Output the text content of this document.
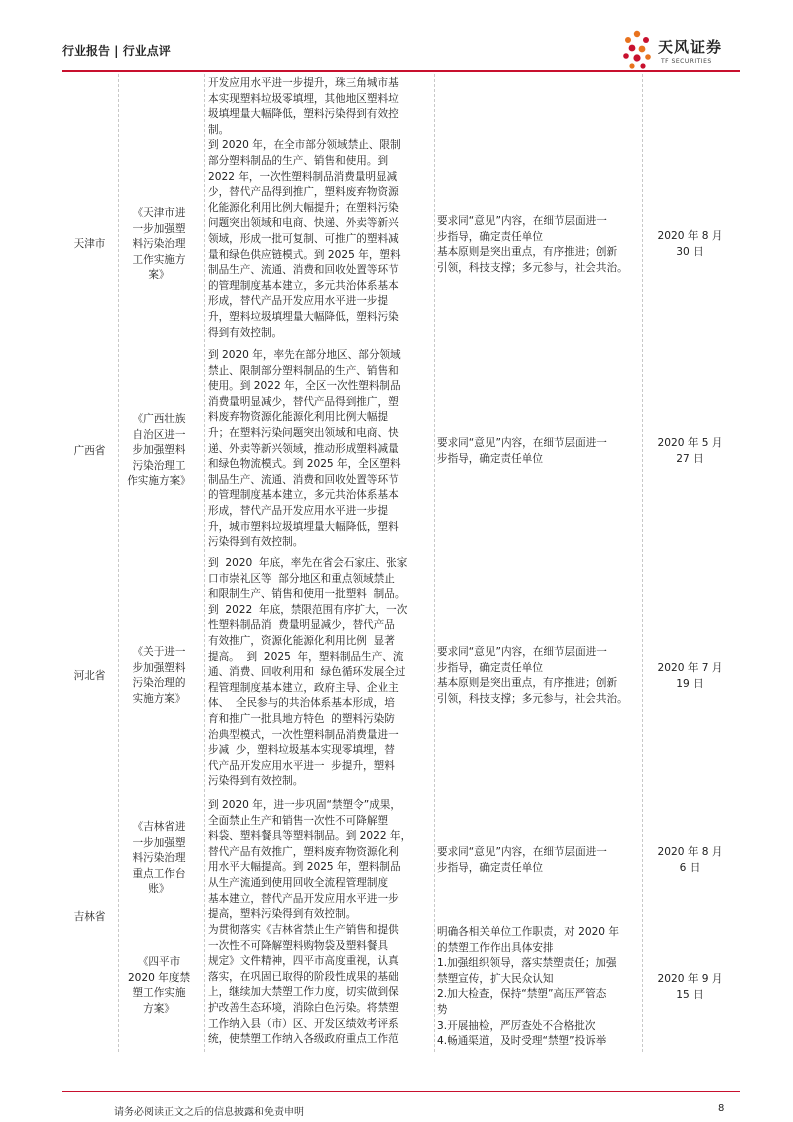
行业报告 | 行业点评	天风证券
TF SECURITIES
天津市
《天津市进
一步加强塑
料污染治理
工作实施方
案》
开发应用水平进一步提升，珠三角城市基
本实现塑料垃圾零填埋，其他地区塑料垃
圾填埋量大幅降低，塑料污染得到有效控
制。
到 2020 年，在全市部分领域禁止、限制
部分塑料制品的生产、销售和使用。到
2022 年，一次性塑料制品消费量明显减
少，替代产品得到推广，塑料废弃物资源
化能源化利用比例大幅提升；在塑料污染
问题突出领域和电商、快递、外卖等新兴
领域，形成一批可复制、可推广的塑料减
量和绿色供应链模式。到 2025 年，塑料
制品生产、流通、消费和回收处置等环节
的管理制度基本建立，多元共治体系基本
形成，替代产品开发应用水平进一步提
升，塑料垃圾填埋量大幅降低，塑料污染
得到有效控制。
要求同“意见”内容，在细节层面进一
步指导，确定责任单位
基本原则是突出重点，有序推进；创新
引领，科技支撑；多元参与，社会共治。
2020 年 8 月
30 日
广西省
《广西壮族
自治区进一
步加强塑料
污染治理工
作实施方案》
到 2020 年，率先在部分地区、部分领域
禁止、限制部分塑料制品的生产、销售和
使用。到 2022 年，全区一次性塑料制品
消费量明显减少，替代产品得到推广，塑
料废弃物资源化能源化利用比例大幅提
升；在塑料污染问题突出领域和电商、快
递、外卖等新兴领域，推动形成塑料减量
和绿色物流模式。到 2025 年，全区塑料
制品生产、流通、消费和回收处置等环节
的管理制度基本建立，多元共治体系基本
形成，替代产品开发应用水平进一步提
升，城市塑料垃圾填埋量大幅降低，塑料
污染得到有效控制。
要求同“意见”内容，在细节层面进一
步指导，确定责任单位
2020 年 5 月
27 日
河北省
《关于进一
步加强塑料
污染治理的
实施方案》
到  2020  年底，率先在省会石家庄、张家
口市崇礼区等  部分地区和重点领域禁止
和限制生产、销售和使用一批塑料  制品。
到  2022  年底，禁限范围有序扩大，一次
性塑料制品消  费量明显减少，替代产品
有效推广，资源化能源化利用比例  显著
提高。  到  2025  年，塑料制品生产、流
通、消费、回收利用和  绿色循环发展全过
程管理制度基本建立，政府主导、企业主
体、  全民参与的共治体系基本形成，培
育和推广一批具地方特色  的塑料污染防
治典型模式，一次性塑料制品消费量进一
步减  少，塑料垃圾基本实现零填埋，替
代产品开发应用水平进一  步提升，塑料
污染得到有效控制。
要求同“意见”内容，在细节层面进一
步指导，确定责任单位
基本原则是突出重点，有序推进；创新
引领，科技支撑；多元参与，社会共治。
2020 年 7 月
19 日
吉林省
《吉林省进
一步加强塑
料污染治理
重点工作台
账》
到 2020 年，进一步巩固“禁塑令”成果，
全面禁止生产和销售一次性不可降解塑
料袋、塑料餐具等塑料制品。到 2022 年，
替代产品有效推广，塑料废弃物资源化利
用水平大幅提高。到 2025 年，塑料制品
从生产流通到使用回收全流程管理制度
基本建立，替代产品开发应用水平进一步
提高，塑料污染得到有效控制。
要求同“意见”内容，在细节层面进一
步指导，确定责任单位
2020 年 8 月
6 日
《四平市
2020 年度禁
塑工作实施
方案》
为贯彻落实《吉林省禁止生产销售和提供
一次性不可降解塑料购物袋及塑料餐具
规定》文件精神，四平市高度重视，认真
落实，在巩固已取得的阶段性成果的基础
上，继续加大禁塑工作力度，切实做到保
护改善生态环境，消除白色污染。将禁塑
工作纳入县（市）区、开发区绩效考评系
统，使禁塑工作纳入各级政府重点工作范
明确各相关单位工作职责，对 2020 年
的禁塑工作作出具体安排
1.加强组织领导，落实禁塑责任；加强
禁塑宣传，扩大民众认知
2.加大检查，保持“禁塑”高压严管态
势
3.开展抽检，严厉查处不合格批次
4.畅通渠道，及时受理“禁塑”投诉举
2020 年 9 月
15 日
请务必阅读正文之后的信息披露和免责申明	8
